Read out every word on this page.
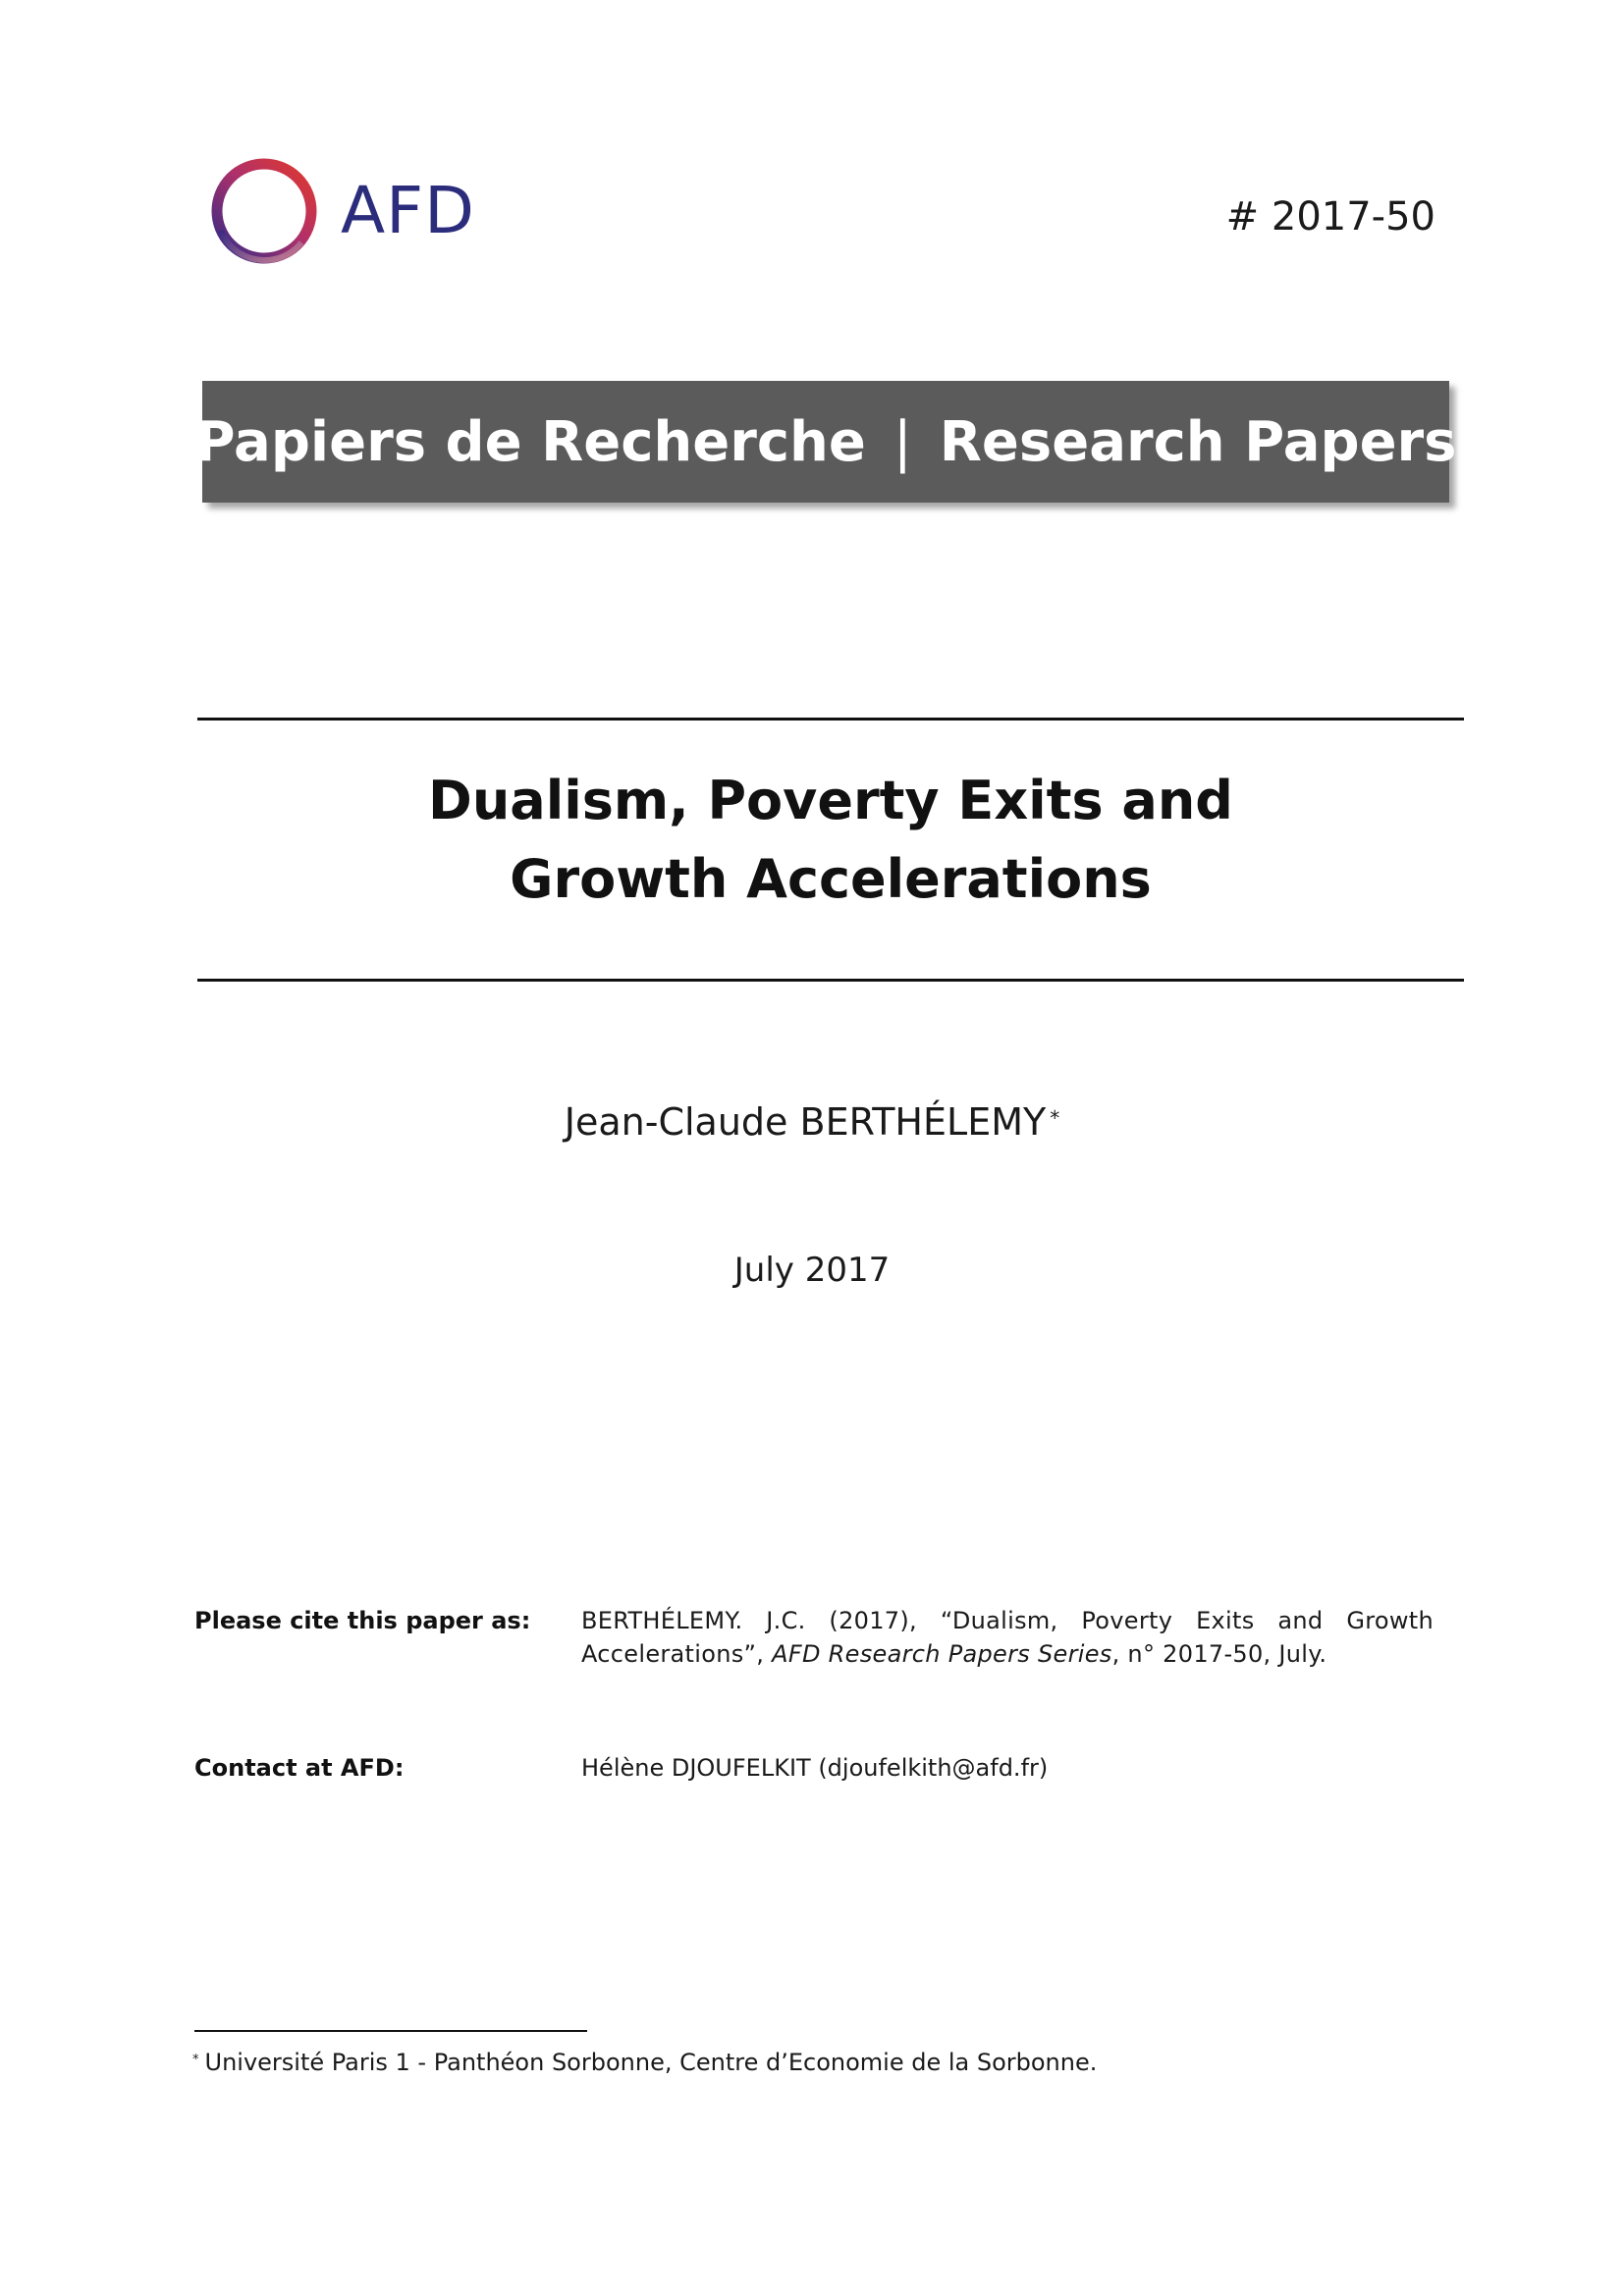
AFD	# 2017-50
Papiers de Recherche | Research Papers
Dualism, Poverty Exits and
Growth Accelerations
Jean-Claude BERTHÉLEMY *
July 2017
Please cite this paper as: BERTHÉLEMY. J.C. (2017), “Dualism, Poverty Exits and Growth Accelerations”, AFD Research Papers Series, n° 2017-50, July.
Contact at AFD:	Hélène DJOUFELKIT (djoufelkith@afd.fr)
* Université Paris 1 - Panthéon Sorbonne, Centre d’Economie de la Sorbonne.
